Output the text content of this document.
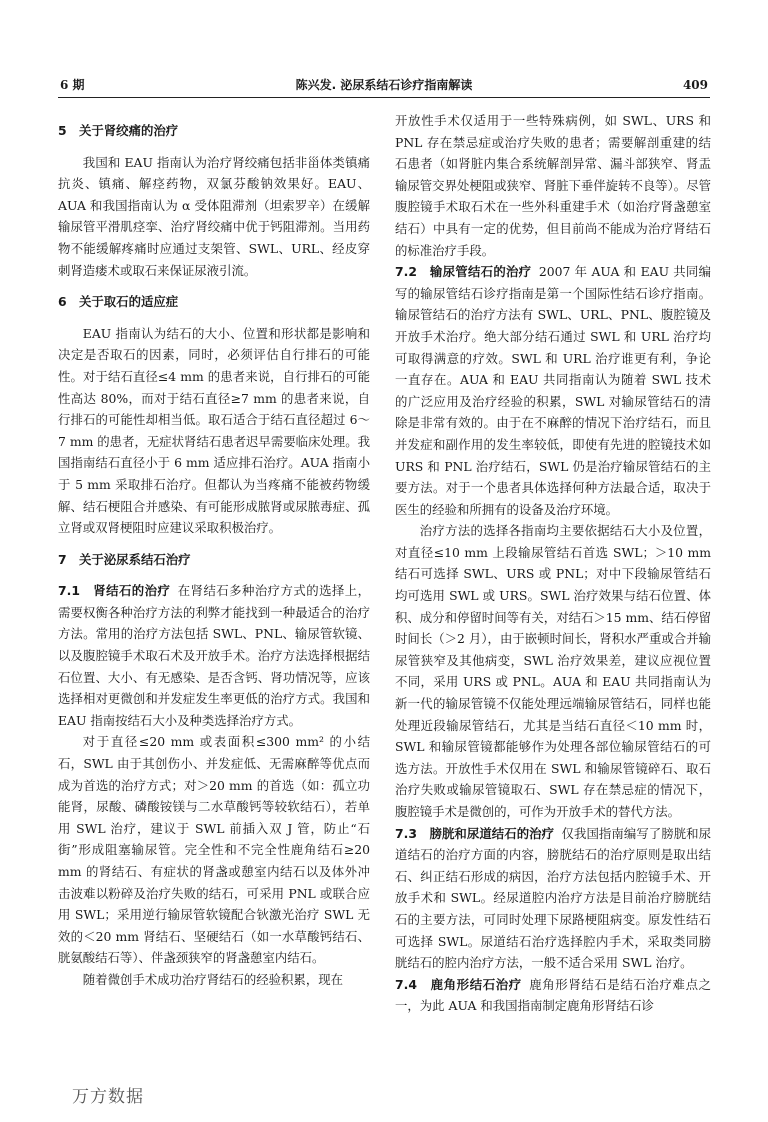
6 期	陈兴发. 泌尿系结石诊疗指南解读	409
5　关于肾绞痛的治疗

我国和 EAU 指南认为治疗肾绞痛包括非甾体类镇痛抗炎、镇痛、解痉药物，双氯芬酸钠效果好。EAU、AUA 和我国指南认为 α 受体阻滞剂（坦索罗辛）在缓解输尿管平滑肌痉挛、治疗肾绞痛中优于钙阻滞剂。当用药物不能缓解疼痛时应通过支架管、SWL、URL、经皮穿刺肾造瘘术或取石来保证尿液引流。

6　关于取石的适应症

EAU 指南认为结石的大小、位置和形状都是影响和决定是否取石的因素，同时，必须评估自行排石的可能性。对于结石直径≤4 mm 的患者来说，自行排石的可能性高达 80%，而对于结石直径≥7 mm 的患者来说，自行排石的可能性却相当低。取石适合于结石直径超过 6～7 mm 的患者，无症状肾结石患者迟早需要临床处理。我国指南结石直径小于 6 mm 适应排石治疗。AUA 指南小于 5 mm 采取排石治疗。但都认为当疼痛不能被药物缓解、结石梗阻合并感染、有可能形成脓肾或尿脓毒症、孤立肾或双肾梗阻时应建议采取积极治疗。

7　关于泌尿系结石治疗

7.1　肾结石的治疗 在肾结石多种治疗方式的选择上，需要权衡各种治疗方法的利弊才能找到一种最适合的治疗方法。常用的治疗方法包括 SWL、PNL、输尿管软镜、以及腹腔镜手术取石术及开放手术。治疗方法选择根据结石位置、大小、有无感染、是否含钙、肾功情况等，应该选择相对更微创和并发症发生率更低的治疗方式。我国和 EAU 指南按结石大小及种类选择治疗方式。

对于直径≤20 mm 或表面积≤300 mm² 的小结石，SWL 由于其创伤小、并发症低、无需麻醉等优点而成为首选的治疗方式；对＞20 mm 的首选（如：孤立功能肾，尿酸、磷酸铵镁与二水草酸钙等较软结石），若单用 SWL 治疗，建议于 SWL 前插入双 J 管，防止“石街”形成阻塞输尿管。完全性和不完全性鹿角结石≥20 mm 的肾结石、有症状的肾盏或憩室内结石以及体外冲击波难以粉碎及治疗失败的结石，可采用 PNL 或联合应用 SWL；采用逆行输尿管软镜配合钬激光治疗 SWL 无效的＜20 mm 肾结石、坚硬结石（如一水草酸钙结石、胱氨酸结石等）、伴盏颈狭窄的肾盏憩室内结石。

随着微创手术成功治疗肾结石的经验积累，现在

开放性手术仅适用于一些特殊病例，如 SWL、URS 和 PNL 存在禁忌症或治疗失败的患者；需要解剖重建的结石患者（如肾脏内集合系统解剖异常、漏斗部狭窄、肾盂输尿管交界处梗阻或狭窄、肾脏下垂伴旋转不良等）。尽管腹腔镜手术取石术在一些外科重建手术（如治疗肾盏憩室结石）中具有一定的优势，但目前尚不能成为治疗肾结石的标准治疗手段。

7.2　输尿管结石的治疗 2007 年 AUA 和 EAU 共同编写的输尿管结石诊疗指南是第一个国际性结石诊疗指南。输尿管结石的治疗方法有 SWL、URL、PNL、腹腔镜及开放手术治疗。绝大部分结石通过 SWL 和 URL 治疗均可取得满意的疗效。SWL 和 URL 治疗谁更有利，争论一直存在。AUA 和 EAU 共同指南认为随着 SWL 技术的广泛应用及治疗经验的积累，SWL 对输尿管结石的清除是非常有效的。由于在不麻醉的情况下治疗结石，而且并发症和副作用的发生率较低，即使有先进的腔镜技术如 URS 和 PNL 治疗结石，SWL 仍是治疗输尿管结石的主要方法。对于一个患者具体选择何种方法最合适，取决于医生的经验和所拥有的设备及治疗环境。

治疗方法的选择各指南均主要依据结石大小及位置，对直径≤10 mm 上段输尿管结石首选 SWL；＞10 mm 结石可选择 SWL、URS 或 PNL；对中下段输尿管结石均可选用 SWL 或 URS。SWL 治疗效果与结石位置、体积、成分和停留时间等有关，对结石＞15 mm、结石停留时间长（＞2 月），由于嵌顿时间长，肾积水严重或合并输尿管狭窄及其他病变，SWL 治疗效果差，建议应视位置不同，采用 URS 或 PNL。AUA 和 EAU 共同指南认为新一代的输尿管镜不仅能处理远端输尿管结石，同样也能处理近段输尿管结石，尤其是当结石直径＜10 mm 时，SWL 和输尿管镜都能够作为处理各部位输尿管结石的可选方法。开放性手术仅用在 SWL 和输尿管镜碎石、取石治疗失败或输尿管镜取石、SWL 存在禁忌症的情况下，腹腔镜手术是微创的，可作为开放手术的替代方法。

7.3　膀胱和尿道结石的治疗 仅我国指南编写了膀胱和尿道结石的治疗方面的内容，膀胱结石的治疗原则是取出结石、纠正结石形成的病因，治疗方法包括内腔镜手术、开放手术和 SWL。经尿道腔内治疗方法是目前治疗膀胱结石的主要方法，可同时处理下尿路梗阻病变。原发性结石可选择 SWL。尿道结石治疗选择腔内手术，采取类同膀胱结石的腔内治疗方法，一般不适合采用 SWL 治疗。

7.4　鹿角形结石治疗 鹿角形肾结石是结石治疗难点之一，为此 AUA 和我国指南制定鹿角形肾结石诊

万方数据
